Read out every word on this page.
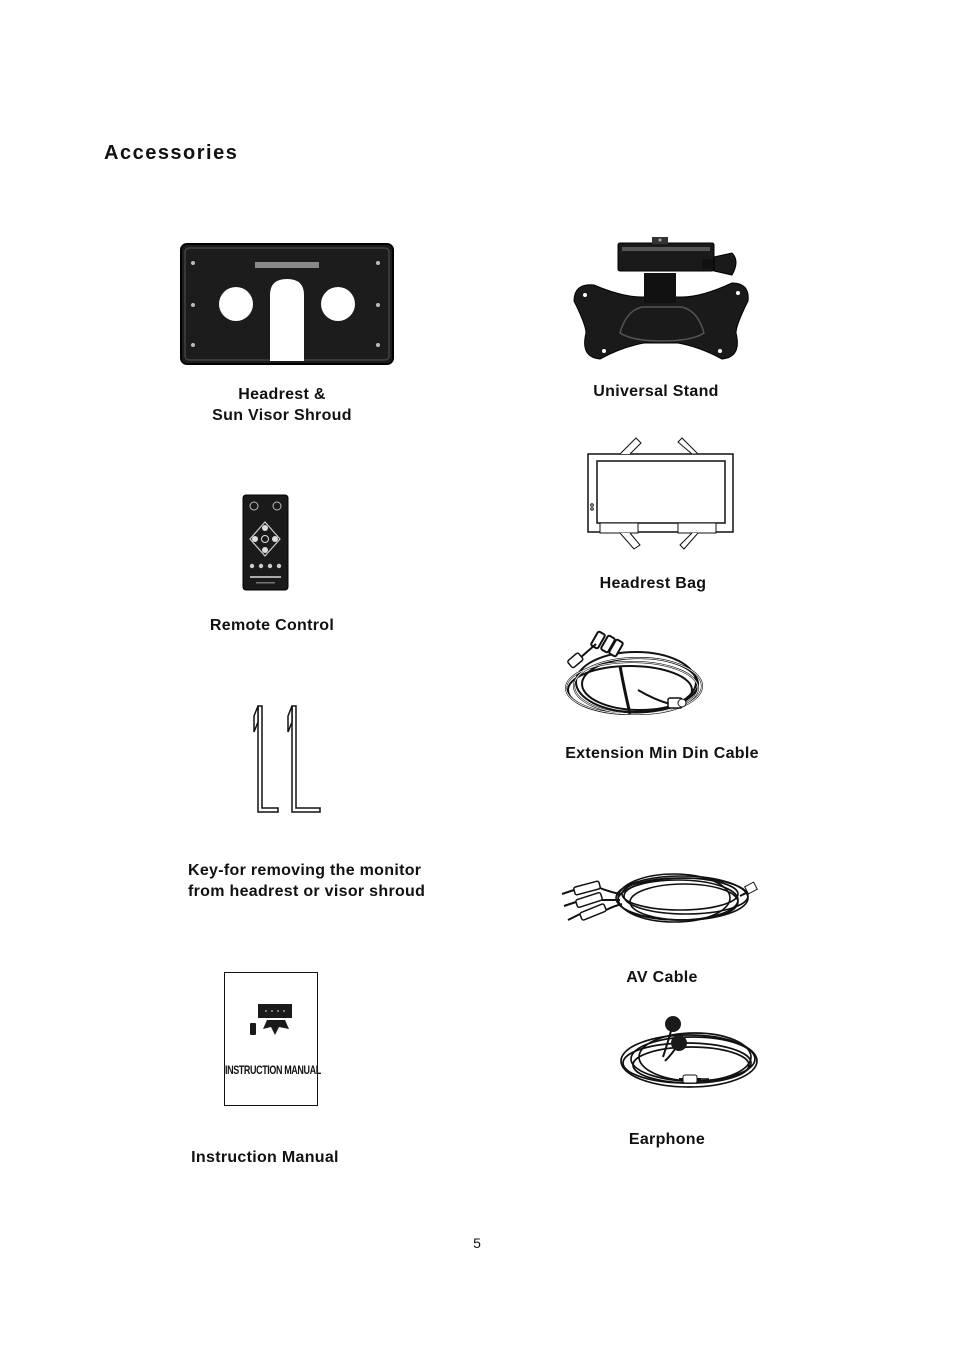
Accessories
Headrest &
Sun Visor Shroud
Universal Stand
Headrest Bag
Remote Control
Extension Min Din Cable
Key-for removing the monitor
from headrest or visor shroud
AV Cable
INSTRUCTION MANUAL
Instruction Manual
Earphone
5
